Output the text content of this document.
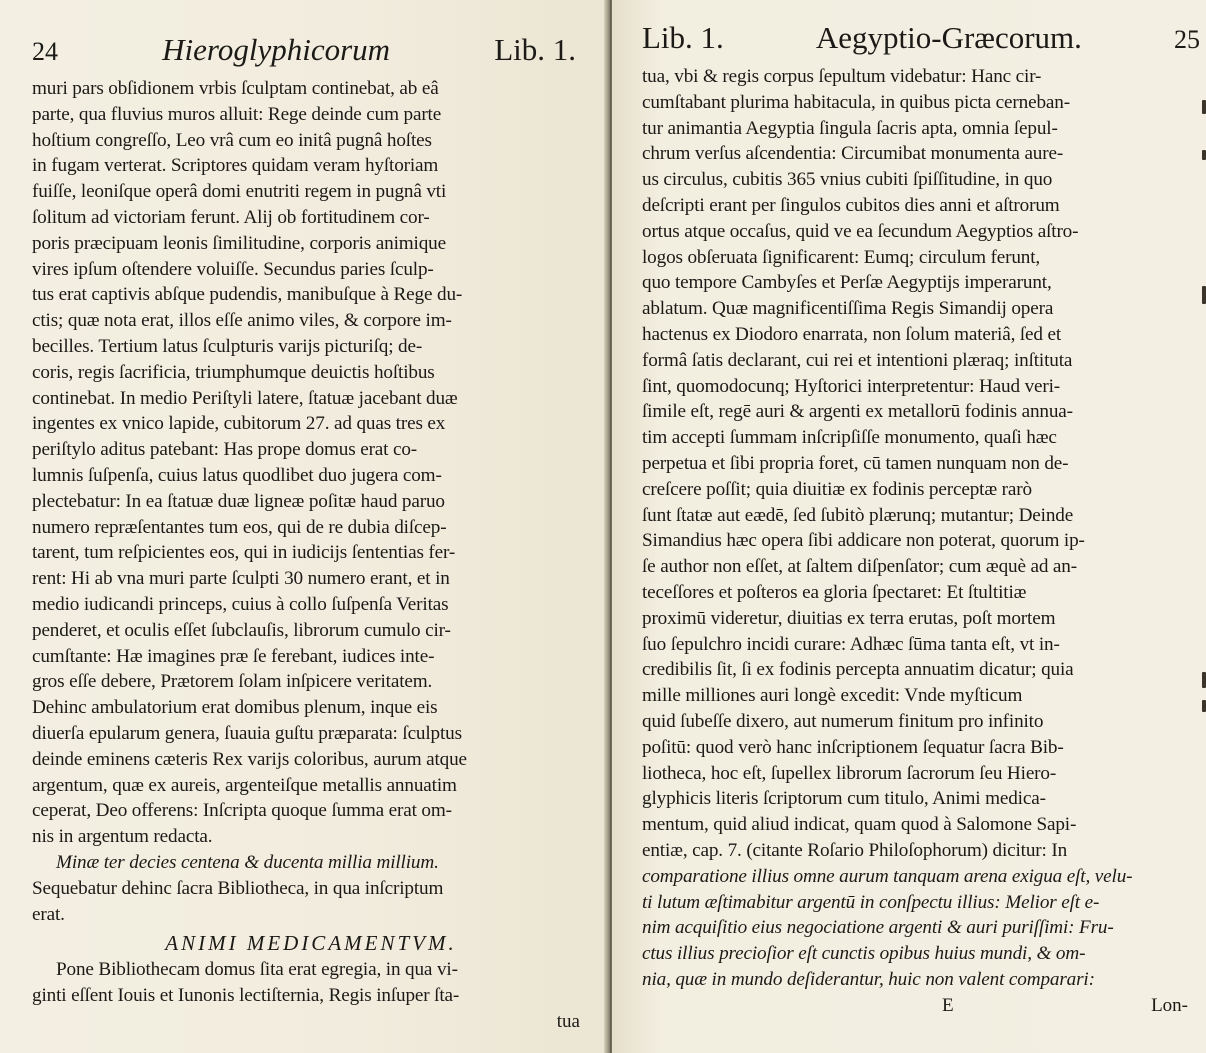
24	Hieroglyphicorum	Lib. 1.
muri pars obſidionem vrbis ſculptam continebat, ab eâ
parte, qua fluvius muros alluit: Rege deinde cum parte
hoſtium congreſſo, Leo vrâ cum eo initâ pugnâ hoſtes
in fugam verterat. Scriptores quidam veram hyſtoriam
fuiſſe, leoniſque operâ domi enutriti regem in pugnâ vti
ſolitum ad victoriam ferunt. Alij ob fortitudinem cor-
poris præcipuam leonis ſimilitudine, corporis animique
vires ipſum oſtendere voluiſſe. Secundus paries ſculp-
tus erat captivis abſque pudendis, manibuſque à Rege du-
ctis; quæ nota erat, illos eſſe animo viles, & corpore im-
becilles. Tertium latus ſculpturis varijs picturiſq; de-
coris, regis ſacrificia, triumphumque deuictis hoſtibus
continebat. In medio Periſtyli latere, ſtatuæ jacebant duæ
ingentes ex vnico lapide, cubitorum 27. ad quas tres ex
periſtylo aditus patebant: Has prope domus erat co-
lumnis ſuſpenſa, cuius latus quodlibet duo jugera com-
plectebatur: In ea ſtatuæ duæ ligneæ poſitæ haud paruo
numero repræſentantes tum eos, qui de re dubia diſcep-
tarent, tum reſpicientes eos, qui in iudicijs ſententias fer-
rent: Hi ab vna muri parte ſculpti 30 numero erant, et in
medio iudicandi princeps, cuius à collo ſuſpenſa Veritas
penderet, et oculis eſſet ſubclauſis, librorum cumulo cir-
cumſtante: Hæ imagines præ ſe ferebant, iudices inte-
gros eſſe debere, Prætorem ſolam inſpicere veritatem.
Dehinc ambulatorium erat domibus plenum, inque eis
diuerſa epularum genera, ſuauia guſtu præparata: ſculptus
deinde eminens cæteris Rex varijs coloribus, aurum atque
argentum, quæ ex aureis, argenteiſque metallis annuatim
ceperat, Deo offerens: Inſcripta quoque ſumma erat om-
nis in argentum redacta.
Minæ ter decies centena & ducenta millia millium.
Sequebatur dehinc ſacra Bibliotheca, in qua inſcriptum
erat.
ANIMI MEDICAMENTVM.
Pone Bibliothecam domus ſita erat egregia, in qua vi-
ginti eſſent Iouis et Iunonis lectiſternia, Regis inſuper ſta-
tua
Lib. 1.	Aegyptio-Græcorum.	25
tua, vbi & regis corpus ſepultum videbatur: Hanc cir-
cumſtabant plurima habitacula, in quibus picta cerneban-
tur animantia Aegyptia ſingula ſacris apta, omnia ſepul-
chrum verſus aſcendentia: Circumibat monumenta aure-
us circulus, cubitis 365 vnius cubiti ſpiſſitudine, in quo
deſcripti erant per ſingulos cubitos dies anni et aſtrorum
ortus atque occaſus, quid ve ea ſecundum Aegyptios aſtro-
logos obſeruata ſignificarent: Eumq; circulum ferunt,
quo tempore Cambyſes et Perſæ Aegyptijs imperarunt,
ablatum. Quæ magnificentiſſima Regis Simandij opera
hactenus ex Diodoro enarrata, non ſolum materiâ, ſed et
formâ ſatis declarant, cui rei et intentioni plæraq; inſtituta
ſint, quomodocunq; Hyſtorici interpretentur: Haud veri-
ſimile eſt, regē auri & argenti ex metallorū fodinis annua-
tim accepti ſummam inſcripſiſſe monumento, quaſi hæc
perpetua et ſibi propria foret, cū tamen nunquam non de-
creſcere poſſit; quia diuitiæ ex fodinis perceptæ rarò
ſunt ſtatæ aut eædē, ſed ſubitò plærunq; mutantur; Deinde
Simandius hæc opera ſibi addicare non poterat, quorum ip-
ſe author non eſſet, at ſaltem diſpenſator; cum æquè ad an-
teceſſores et poſteros ea gloria ſpectaret: Et ſtultitiæ
proximū videretur, diuitias ex terra erutas, poſt mortem
ſuo ſepulchro incidi curare: Adhæc ſūma tanta eſt, vt in-
credibilis ſit, ſi ex fodinis percepta annuatim dicatur; quia
mille milliones auri longè excedit: Vnde myſticum
quid ſubeſſe dixero, aut numerum finitum pro infinito
poſitū: quod verò hanc inſcriptionem ſequatur ſacra Bib-
liotheca, hoc eſt, ſupellex librorum ſacrorum ſeu Hiero-
glyphicis literis ſcriptorum cum titulo, Animi medica-
mentum, quid aliud indicat, quam quod à Salomone Sapi-
entiæ, cap. 7. (citante Roſario Philoſophorum) dicitur: In
comparatione illius omne aurum tanquam arena exigua eſt, velu-
ti lutum æſtimabitur argentū in conſpectu illius: Melior eſt e-
nim acquiſitio eius negociatione argenti & auri puriſſimi: Fru-
ctus illius precioſior eſt cunctis opibus huius mundi, & om-
nia, quæ in mundo deſiderantur, huic non valent comparari:
E	Lon-
